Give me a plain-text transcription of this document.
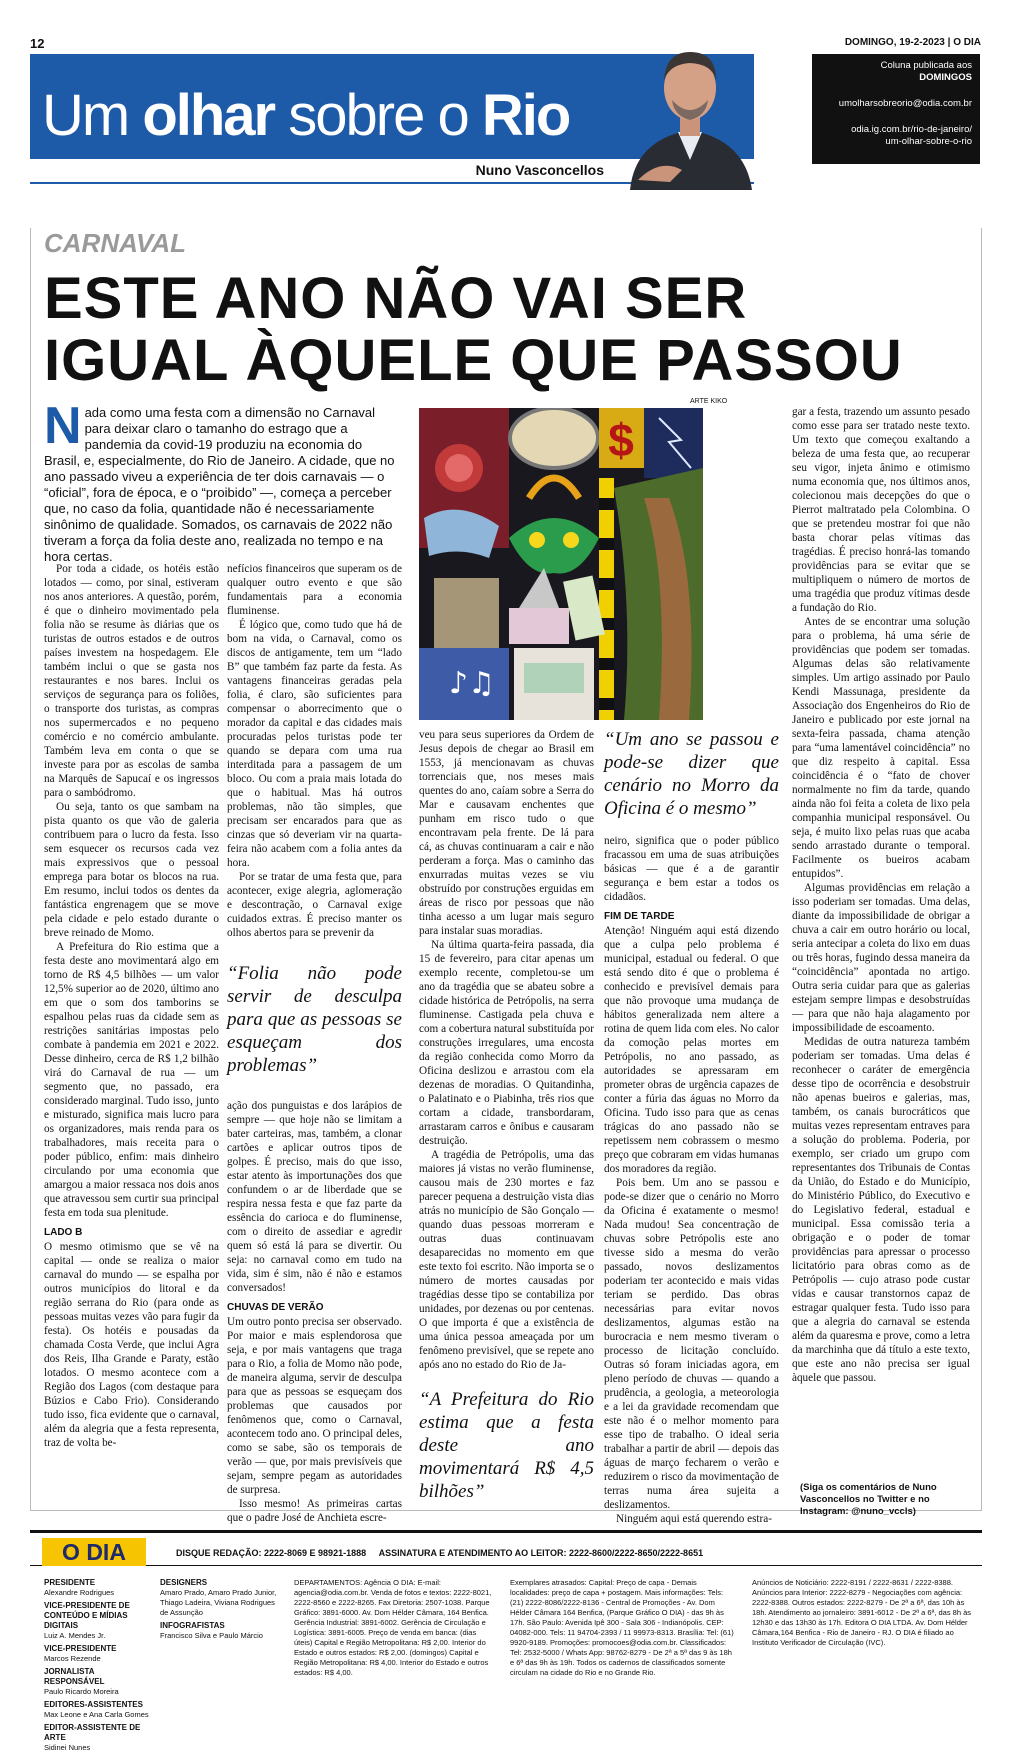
12	DOMINGO, 19-2-2023 | O DIA
Um olhar sobre o Rio
Nuno Vasconcellos
Coluna publicada aos
DOMINGOS
umolharsobreorio@odia.com.br
odia.ig.com.br/rio-de-janeiro/
um-olhar-sobre-o-rio
CARNAVAL
ESTE ANO NÃO VAI SER
IGUAL ÀQUELE QUE PASSOU
Nada como uma festa com a dimensão no Carnaval para deixar claro o tamanho do estrago que a pandemia da covid-19 produziu na economia do Brasil, e, especialmente, do Rio de Janeiro. A cidade, que no ano passado viveu a experiência de ter dois carnavais — o “oficial”, fora de época, e o “proibido” —, começa a perceber que, no caso da folia, quantidade não é necessariamente sinônimo de qualidade. Somados, os carnavais de 2022 não tiveram a força da folia deste ano, realizada no tempo e na hora certas.
ARTE KIKO
$
♪♫

Por toda a cidade, os hotéis estão lotados — como, por sinal, estiveram nos anos anteriores. A questão, porém, é que o dinheiro movimentado pela folia não se resume às diárias que os turistas de outros estados e de outros países investem na hospedagem. Ele também inclui o que se gasta nos restaurantes e nos bares. Inclui os serviços de segurança para os foliões, o transporte dos turistas, as compras nos supermercados e no pequeno comércio e no comércio ambulante. Também leva em conta o que se investe para por as escolas de samba na Marquês de Sapucaí e os ingressos para o sambódromo.

Ou seja, tanto os que sambam na pista quanto os que vão de galeria contribuem para o lucro da festa. Isso sem esquecer os recursos cada vez mais expressivos que o pessoal emprega para botar os blocos na rua. Em resumo, inclui todos os dentes da fantástica engrenagem que se move pela cidade e pelo estado durante o breve reinado de Momo.

A Prefeitura do Rio estima que a festa deste ano movimentará algo em torno de R$ 4,5 bilhões — um valor 12,5% superior ao de 2020, último ano em que o som dos tamborins se espalhou pelas ruas da cidade sem as restrições sanitárias impostas pelo combate à pandemia em 2021 e 2022. Desse dinheiro, cerca de R$ 1,2 bilhão virá do Carnaval de rua — um segmento que, no passado, era considerado marginal. Tudo isso, junto e misturado, significa mais lucro para os organizadores, mais renda para os trabalhadores, mais receita para o poder público, enfim: mais dinheiro circulando por uma economia que amargou a maior ressaca nos dois anos que atravessou sem curtir sua principal festa em toda sua plenitude.

LADO B

O mesmo otimismo que se vê na capital — onde se realiza o maior carnaval do mundo — se espalha por outros municípios do litoral e da região serrana do Rio (para onde as pessoas muitas vezes vão para fugir da festa). Os hotéis e pousadas da chamada Costa Verde, que inclui Agra dos Reis, Ilha Grande e Paraty, estão lotados. O mesmo acontece com a Região dos Lagos (com destaque para Búzios e Cabo Frio). Considerando tudo isso, fica evidente que o carnaval, além da alegria que a festa representa, traz de volta be-

nefícios financeiros que superam os de qualquer outro evento e que são fundamentais para a economia fluminense.

É lógico que, como tudo que há de bom na vida, o Carnaval, como os discos de antigamente, tem um “lado B” que também faz parte da festa. As vantagens financeiras geradas pela folia, é claro, são suficientes para compensar o aborrecimento que o morador da capital e das cidades mais procuradas pelos turistas pode ter quando se depara com uma rua interditada para a passagem de um bloco. Ou com a praia mais lotada do que o habitual. Mas há outros problemas, não tão simples, que precisam ser encarados para que as cinzas que só deveriam vir na quarta-feira não acabem com a folia antes da hora.

Por se tratar de uma festa que, para acontecer, exige alegria, aglomeração e descontração, o Carnaval exige cuidados extras. É preciso manter os olhos abertos para se prevenir da

“Folia não pode servir de desculpa para que as pessoas se esqueçam dos problemas”

ação dos punguistas e dos larápios de sempre — que hoje não se limitam a bater carteiras, mas, também, a clonar cartões e aplicar outros tipos de golpes. É preciso, mais do que isso, estar atento às importunações dos que confundem o ar de liberdade que se respira nessa festa e que faz parte da essência do carioca e do fluminense, com o direito de assediar e agredir quem só está lá para se divertir. Ou seja: no carnaval como em tudo na vida, sim é sim, não é não e estamos conversados!

CHUVAS DE VERÃO

Um outro ponto precisa ser observado. Por maior e mais esplendorosa que seja, e por mais vantagens que traga para o Rio, a folia de Momo não pode, de maneira alguma, servir de desculpa para que as pessoas se esqueçam dos problemas que causados por fenômenos que, como o Carnaval, acontecem todo ano. O principal deles, como se sabe, são os temporais de verão — que, por mais previsíveis que sejam, sempre pegam as autoridades de surpresa.

Isso mesmo! As primeiras cartas que o padre José de Anchieta escre-

veu para seus superiores da Ordem de Jesus depois de chegar ao Brasil em 1553, já mencionavam as chuvas torrenciais que, nos meses mais quentes do ano, caíam sobre a Serra do Mar e causavam enchentes que punham em risco tudo o que encontravam pela frente. De lá para cá, as chuvas continuaram a cair e não perderam a força. Mas o caminho das enxurradas muitas vezes se viu obstruído por construções erguidas em áreas de risco por pessoas que não tinha acesso a um lugar mais seguro para instalar suas moradias.

Na última quarta-feira passada, dia 15 de fevereiro, para citar apenas um exemplo recente, completou-se um ano da tragédia que se abateu sobre a cidade histórica de Petrópolis, na serra fluminense. Castigada pela chuva e com a cobertura natural substituída por construções irregulares, uma encosta da região conhecida como Morro da Oficina deslizou e arrastou com ela dezenas de moradias. O Quitandinha, o Palatinato e o Piabinha, três rios que cortam a cidade, transbordaram, arrastaram carros e ônibus e causaram destruição.

A tragédia de Petrópolis, uma das maiores já vistas no verão fluminense, causou mais de 230 mortes e faz parecer pequena a destruição vista dias atrás no município de São Gonçalo — quando duas pessoas morreram e outras duas continuavam desaparecidas no momento em que este texto foi escrito. Não importa se o número de mortes causadas por tragédias desse tipo se contabiliza por unidades, por dezenas ou por centenas. O que importa é que a existência de uma única pessoa ameaçada por um fenômeno previsível, que se repete ano após ano no estado do Rio de Ja-

“A Prefeitura do Rio estima que a festa deste ano movimentará R$ 4,5 bilhões”
“Um ano se passou e pode-se dizer que cenário no Morro da Oficina é o mesmo”

neiro, significa que o poder público fracassou em uma de suas atribuições básicas — que é a de garantir segurança e bem estar a todos os cidadãos.

FIM DE TARDE

Atenção! Ninguém aqui está dizendo que a culpa pelo problema é municipal, estadual ou federal. O que está sendo dito é que o problema é conhecido e previsível demais para que não provoque uma mudança de hábitos generalizada nem altere a rotina de quem lida com eles. No calor da comoção pelas mortes em Petrópolis, no ano passado, as autoridades se apressaram em prometer obras de urgência capazes de conter a fúria das águas no Morro da Oficina. Tudo isso para que as cenas trágicas do ano passado não se repetissem nem cobrassem o mesmo preço que cobraram em vidas humanas dos moradores da região.

Pois bem. Um ano se passou e pode-se dizer que o cenário no Morro da Oficina é exatamente o mesmo! Nada mudou! Sea concentração de chuvas sobre Petrópolis este ano tivesse sido a mesma do verão passado, novos deslizamentos poderiam ter acontecido e mais vidas teriam se perdido. Das obras necessárias para evitar novos deslizamentos, algumas estão na burocracia e nem mesmo tiveram o processo de licitação concluído. Outras só foram iniciadas agora, em pleno período de chuvas — quando a prudência, a geologia, a meteorologia e a lei da gravidade recomendam que este não é o melhor momento para esse tipo de trabalho. O ideal seria trabalhar a partir de abril — depois das águas de março fecharem o verão e reduzirem o risco da movimentação de terras numa área sujeita a deslizamentos.

Ninguém aqui está querendo estra-

gar a festa, trazendo um assunto pesado como esse para ser tratado neste texto. Um texto que começou exaltando a beleza de uma festa que, ao recuperar seu vigor, injeta ânimo e otimismo numa economia que, nos últimos anos, colecionou mais decepções do que o Pierrot maltratado pela Colombina. O que se pretendeu mostrar foi que não basta chorar pelas vítimas das tragédias. É preciso honrá-las tomando providências para se evitar que se multipliquem o número de mortos de uma tragédia que produz vítimas desde a fundação do Rio.

Antes de se encontrar uma solução para o problema, há uma série de providências que podem ser tomadas. Algumas delas são relativamente simples. Um artigo assinado por Paulo Kendi Massunaga, presidente da Associação dos Engenheiros do Rio de Janeiro e publicado por este jornal na sexta-feira passada, chama atenção para “uma lamentável coincidência” no que diz respeito à capital. Essa coincidência é o “fato de chover normalmente no fim da tarde, quando ainda não foi feita a coleta de lixo pela companhia municipal responsável. Ou seja, é muito lixo pelas ruas que acaba sendo arrastado durante o temporal. Facilmente os bueiros acabam entupidos”.

Algumas providências em relação a isso poderiam ser tomadas. Uma delas, diante da impossibilidade de obrigar a chuva a cair em outro horário ou local, seria antecipar a coleta do lixo em duas ou três horas, fugindo dessa maneira da “coincidência” apontada no artigo. Outra seria cuidar para que as galerias estejam sempre limpas e desobstruídas — para que não haja alagamento por impossibilidade de escoamento.

Medidas de outra natureza também poderiam ser tomadas. Uma delas é reconhecer o caráter de emergência desse tipo de ocorrência e desobstruir não apenas bueiros e galerias, mas, também, os canais burocráticos que muitas vezes representam entraves para a solução do problema. Poderia, por exemplo, ser criado um grupo com representantes dos Tribunais de Contas da União, do Estado e do Município, do Ministério Público, do Executivo e do Legislativo federal, estadual e municipal. Essa comissão teria a obrigação e o poder de tomar providências para apressar o processo licitatório para obras como as de Petrópolis — cujo atraso pode custar vidas e causar transtornos capaz de estragar qualquer festa. Tudo isso para que a alegria do carnaval se estenda além da quaresma e prove, como a letra da marchinha que dá título a este texto, que este ano não precisa ser igual àquele que passou.

(Siga os comentários de Nuno Vasconcellos no Twitter e no Instagram: @nuno_vccls)
O DIA	DISQUE REDAÇÃO: 2222-8069 E 98921-1888 ASSINATURA E ATENDIMENTO AO LEITOR: 2222-8600/2222-8650/2222-8651
PRESIDENTE
Alexandre Rodrigues
VICE-PRESIDENTE DE CONTEÚDO E MÍDIAS DIGITAIS
Luiz A. Mendes Jr.
VICE-PRESIDENTE
Marcos Rezende
JORNALISTA RESPONSÁVEL
Paulo Ricardo Moreira
EDITORES-ASSISTENTES
Max Leone e Ana Carla Gomes
EDITOR-ASSISTENTE DE ARTE
Sidinei Nunes
DESIGNERS
Amaro Prado, Amaro Prado Junior, Thiago Ladeira, Viviana Rodrigues de Assunção
INFOGRAFISTAS
Francisco Silva e Paulo Márcio
DEPARTAMENTOS: Agência O DIA: E-mail: agencia@odia.com.br. Venda de fotos e textos: 2222-8021, 2222-8560 e 2222-8265. Fax Diretoria: 2507-1038. Parque Gráfico: 3891-6000. Av. Dom Hélder Câmara, 164 Benfica. Gerência Industrial: 3891-6002. Gerência de Circulação e Logística: 3891-6005. Preço de venda em banca: (dias úteis) Capital e Região Metropolitana: R$ 2,00. Interior do Estado e outros estados: R$ 2,00. (domingos) Capital e Região Metropolitana: R$ 4,00. Interior do Estado e outros estados: R$ 4,00.
Exemplares atrasados: Capital: Preço de capa - Demais localidades: preço de capa + postagem. Mais informações: Tels: (21) 2222-8086/2222-8136 - Central de Promoções - Av. Dom Hélder Câmara 164 Benfica, (Parque Gráfico O DIA) - das 9h às 17h. São Paulo: Avenida Ipê 300 - Sala 306 - Indianópolis. CEP: 04082-000. Tels: 11 94704-2393 / 11 99973-8313. Brasília: Tel: (61) 9920-9189. Promoções: promocoes@odia.com.br. Classificados: Tel: 2532-5000 / Whats App: 98762-8279 - De 2ª a 5ª das 9 às 18h e 6ª das 9h às 19h. Todos os cadernos de classificados somente circulam na cidade do Rio e no Grande Rio.
Anúncios de Noticiário: 2222-8191 / 2222-8631 / 2222-8388. Anúncios para Interior: 2222-8279 - Negociações com agência: 2222-8388. Outros estados: 2222-8279 - De 2ª a 6ª, das 10h às 18h. Atendimento ao jornaleiro: 3891-6012 - De 2ª a 6ª, das 8h às 12h30 e das 13h30 às 17h. Editora O DIA LTDA. Av. Dom Hélder Câmara,164 Benfica - Rio de Janeiro - RJ. O DIA é filiado ao Instituto Verificador de Circulação (IVC).
